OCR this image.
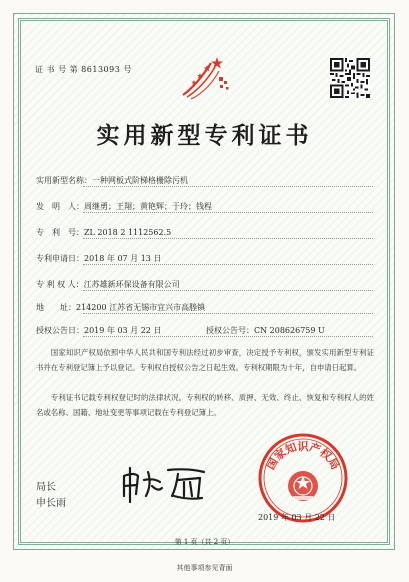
证 书 号 第 8613093 号
实用新型专利证书
实用新型名称：一种网板式阶梯格栅除污机
发　明　人：周继勇；王翔；黄艳辉；于玲；钱程
专　利　号：ZL 2018 2 1112562.5
专利申请日：2018 年 07 月 13 日
专 利 权 人：江苏雄新环保设备有限公司
地　　址：214200 江苏省无锡市宜兴市高塍镇
授权公告日：2019 年 03 月 22 日	授权公告号：CN 208626759 U
国家知识产权局依照中华人民共和国专利法经过初步审查，决定授予专利权，颁发实用新型专利证书并在专利登记簿上予以登记。专利权自授权公告之日起生效。专利权期限为十年，自申请日起算。
专利证书记载专利权登记时的法律状况。专利权的转移、质押、无效、终止、恢复和专利权人的姓名或名称、国籍、地址变更等事项记载在专利登记簿上。
局长
申长雨
国家知识产权局
2019 年 03 月 22 日
第 1 页（共 2 页）
其他事项参见背面
